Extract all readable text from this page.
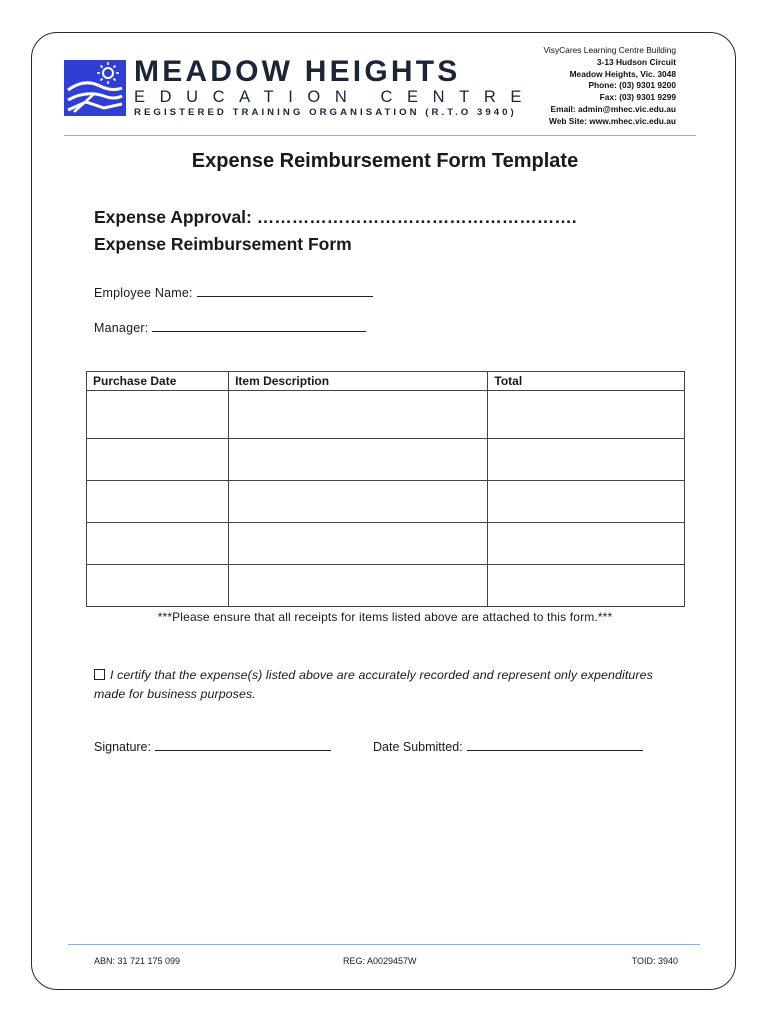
MEADOW HEIGHTS
EDUCATION CENTRE
REGISTERED TRAINING ORGANISATION (R.T.O 3940)
VisyCares Learning Centre Building
3-13 Hudson Circuit
Meadow Heights, Vic. 3048
Phone: (03) 9301 9200
Fax: (03) 9301 9299
Email: admin@mhec.vic.edu.au
Web Site: www.mhec.vic.edu.au
Expense Reimbursement Form Template
Expense Approval: ……………………………………………….
Expense Reimbursement Form
Employee Name:
Manager:
Purchase Date	Item Description	Total

***Please ensure that all receipts for items listed above are attached to this form.***
I certify that the expense(s) listed above are accurately recorded and represent only expenditures made for business purposes.
Signature:	Date Submitted:
ABN: 31 721 175 099	REG: A0029457W	TOID: 3940
